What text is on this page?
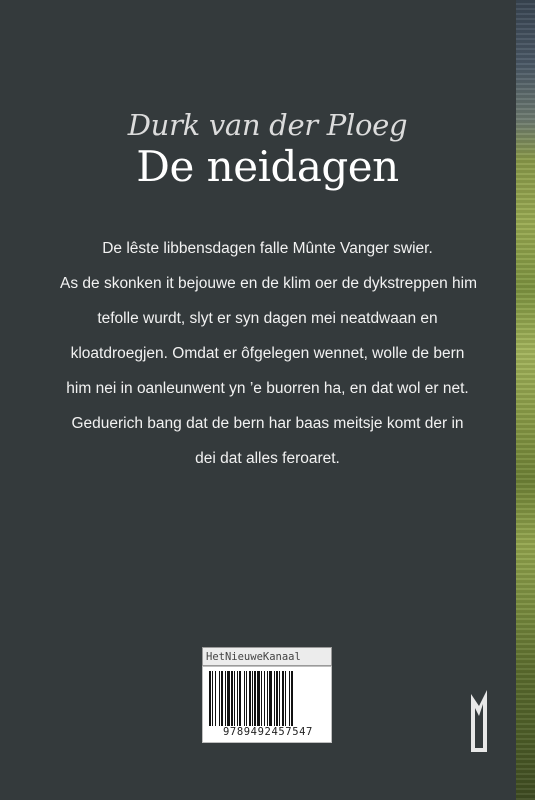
Durk van der Ploeg
De neidagen
De lêste libbensdagen falle Mûnte Vanger swier.
As de skonken it bejouwe en de klim oer de dykstreppen him
tefolle wurdt, slyt er syn dagen mei neatdwaan en
kloatdroegjen. Omdat er ôfgelegen wennet, wolle de bern
him nei in oanleunwent yn ’e buorren ha, en dat wol er net.
Geduerich bang dat de bern har baas meitsje komt der in
dei dat alles feroaret.
HetNieuweKanaal
9789492457547
